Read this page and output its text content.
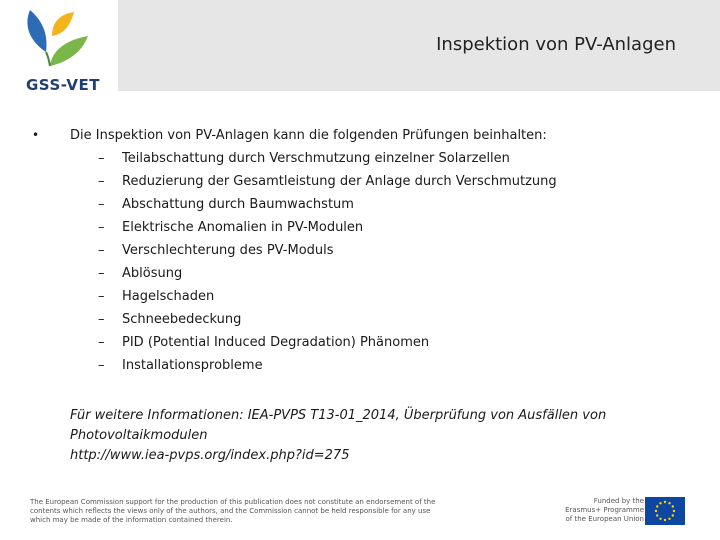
Inspektion von PV-Anlagen
GSS-VET
• Die Inspektion von PV-Anlagen kann die folgenden Prüfungen beinhalten:
– Teilabschattung durch Verschmutzung einzelner Solarzellen
– Reduzierung der Gesamtleistung der Anlage durch Verschmutzung
– Abschattung durch Baumwachstum
– Elektrische Anomalien in PV-Modulen
– Verschlechterung des PV-Moduls
– Ablösung
– Hagelschaden
– Schneebedeckung
– PID (Potential Induced Degradation) Phänomen
– Installationsprobleme
Für weitere Informationen: IEA-PVPS T13-01_2014, Überprüfung von Ausfällen von Photovoltaikmodulen
http://www.iea-pvps.org/index.php?id=275
The European Commission support for the production of this publication does not constitute an endorsement of the contents which reflects the views only of the authors, and the Commission cannot be held responsible for any use which may be made of the information contained therein.
Funded by the Erasmus+ Programme of the European Union
